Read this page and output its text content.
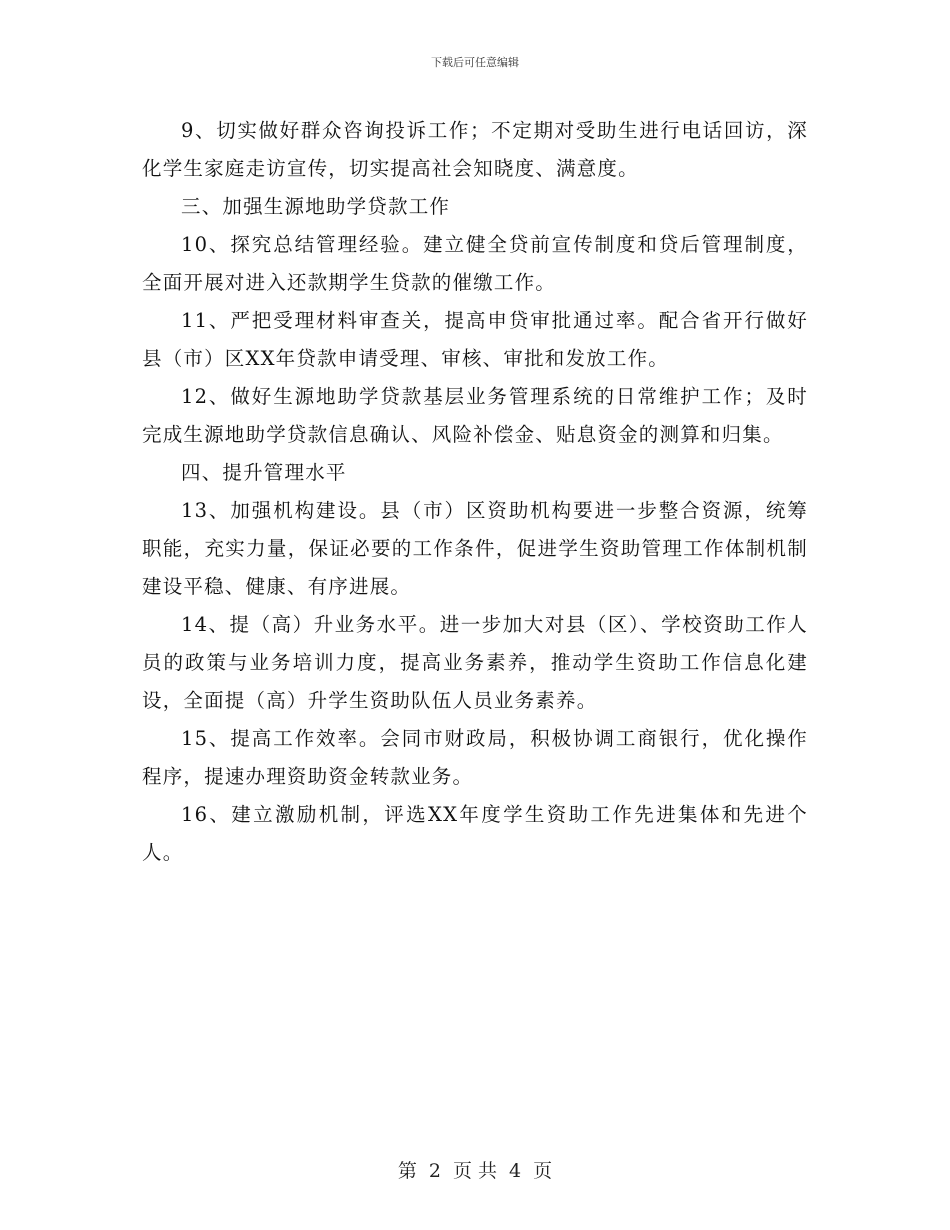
下载后可任意编辑

9、切实做好群众咨询投诉工作；不定期对受助生进行电话回访，深化学生家庭走访宣传，切实提高社会知晓度、满意度。

三、加强生源地助学贷款工作

10、探究总结管理经验。建立健全贷前宣传制度和贷后管理制度，全面开展对进入还款期学生贷款的催缴工作。

11、严把受理材料审查关，提高申贷审批通过率。配合省开行做好县（市）区XX年贷款申请受理、审核、审批和发放工作。

12、做好生源地助学贷款基层业务管理系统的日常维护工作；及时完成生源地助学贷款信息确认、风险补偿金、贴息资金的测算和归集。

四、提升管理水平

13、加强机构建设。县（市）区资助机构要进一步整合资源，统筹职能，充实力量，保证必要的工作条件，促进学生资助管理工作体制机制建设平稳、健康、有序进展。

14、提（高）升业务水平。进一步加大对县（区）、学校资助工作人员的政策与业务培训力度，提高业务素养，推动学生资助工作信息化建设，全面提（高）升学生资助队伍人员业务素养。

15、提高工作效率。会同市财政局，积极协调工商银行，优化操作程序，提速办理资助资金转款业务。

16、建立激励机制，评选XX年度学生资助工作先进集体和先进个人。

第 2 页 共 4 页
